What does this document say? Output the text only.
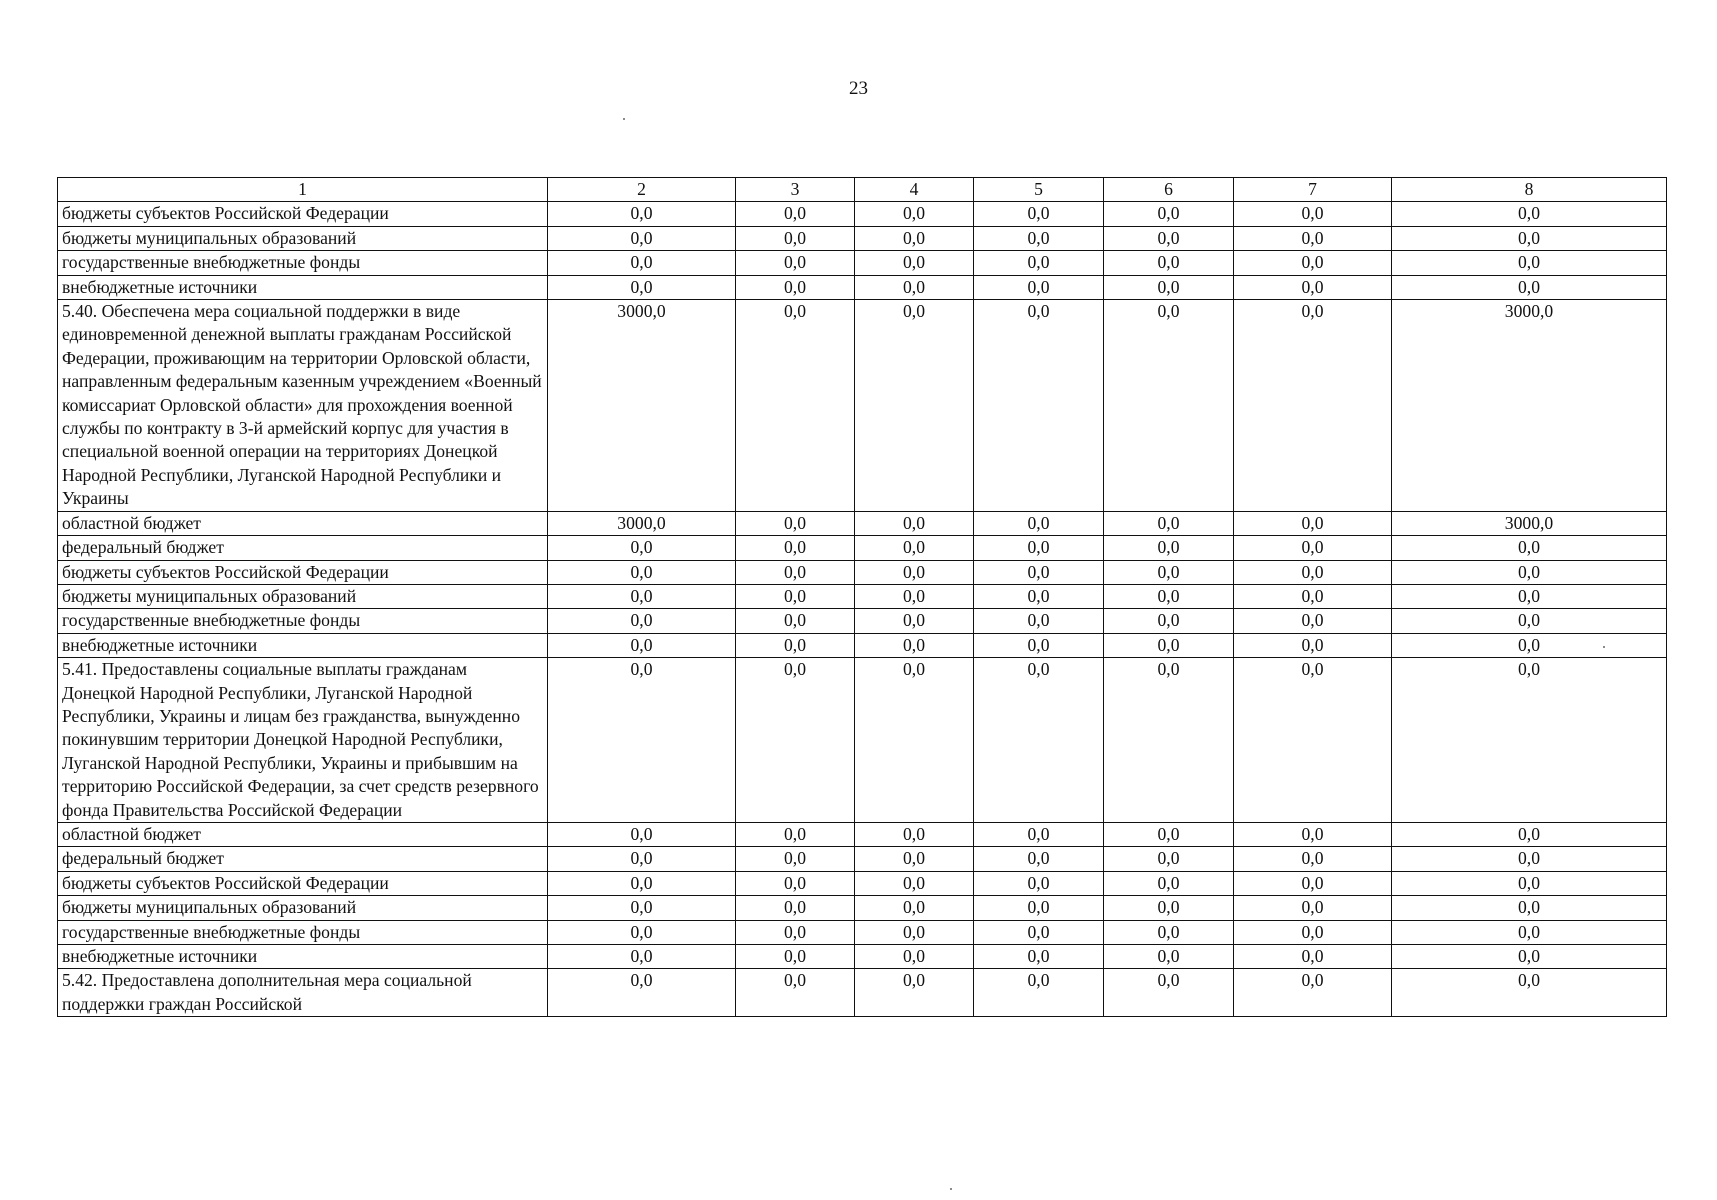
23
1	2	3	4	5	6	7	8
бюджеты субъектов Российской Федерации	0,0	0,0	0,0	0,0	0,0	0,0	0,0
бюджеты муниципальных образований	0,0	0,0	0,0	0,0	0,0	0,0	0,0
государственные внебюджетные фонды	0,0	0,0	0,0	0,0	0,0	0,0	0,0
внебюджетные источники	0,0	0,0	0,0	0,0	0,0	0,0	0,0
5.40. Обеспечена мера социальной поддержки в виде единовременной денежной выплаты гражданам Российской Федерации, проживающим на территории Орловской области, направленным федеральным казенным учреждением «Военный комиссариат Орловской области» для прохождения военной службы по контракту в 3-й армейский корпус для участия в специальной военной операции на территориях Донецкой Народной Республики, Луганской Народной Республики и Украины	3000,0	0,0	0,0	0,0	0,0	0,0	3000,0
областной бюджет	3000,0	0,0	0,0	0,0	0,0	0,0	3000,0
федеральный бюджет	0,0	0,0	0,0	0,0	0,0	0,0	0,0
бюджеты субъектов Российской Федерации	0,0	0,0	0,0	0,0	0,0	0,0	0,0
бюджеты муниципальных образований	0,0	0,0	0,0	0,0	0,0	0,0	0,0
государственные внебюджетные фонды	0,0	0,0	0,0	0,0	0,0	0,0	0,0
внебюджетные источники	0,0	0,0	0,0	0,0	0,0	0,0	0,0
5.41. Предоставлены социальные выплаты гражданам Донецкой Народной Республики, Луганской Народной Республики, Украины и лицам без гражданства, вынужденно покинувшим территории Донецкой Народной Республики, Луганской Народной Республики, Украины и прибывшим на территорию Российской Федерации, за счет средств резервного фонда Правительства Российской Федерации	0,0	0,0	0,0	0,0	0,0	0,0	0,0
областной бюджет	0,0	0,0	0,0	0,0	0,0	0,0	0,0
федеральный бюджет	0,0	0,0	0,0	0,0	0,0	0,0	0,0
бюджеты субъектов Российской Федерации	0,0	0,0	0,0	0,0	0,0	0,0	0,0
бюджеты муниципальных образований	0,0	0,0	0,0	0,0	0,0	0,0	0,0
государственные внебюджетные фонды	0,0	0,0	0,0	0,0	0,0	0,0	0,0
внебюджетные источники	0,0	0,0	0,0	0,0	0,0	0,0	0,0
5.42. Предоставлена дополнительная мера социальной поддержки граждан Российской	0,0	0,0	0,0	0,0	0,0	0,0	0,0
